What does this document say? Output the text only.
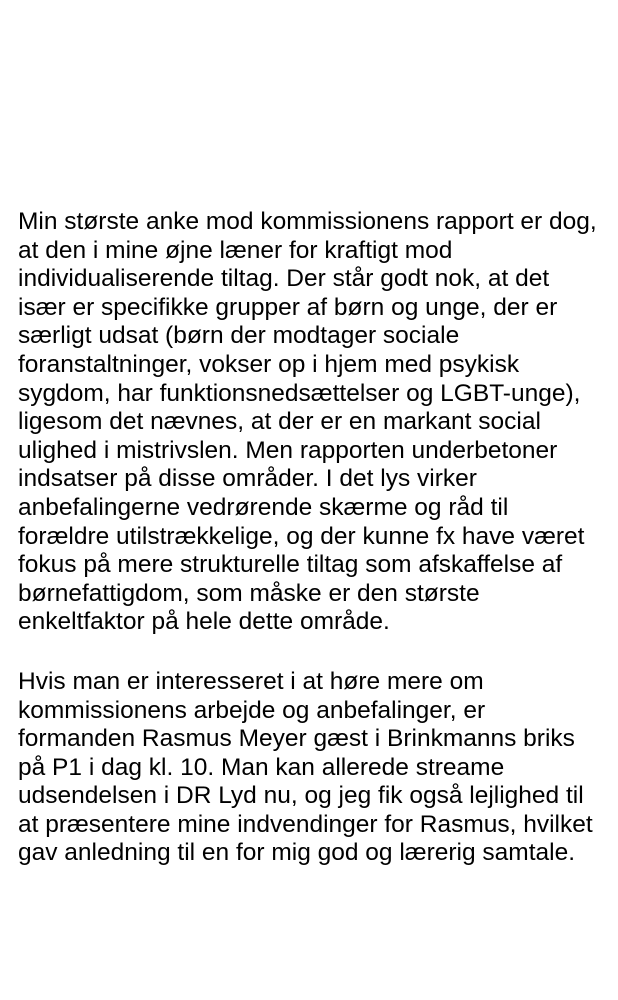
Min største anke mod kommissionens rapport er dog,
at den i mine øjne læner for kraftigt mod
individualiserende tiltag. Der står godt nok, at det
især er specifikke grupper af børn og unge, der er
særligt udsat (børn der modtager sociale
foranstaltninger, vokser op i hjem med psykisk
sygdom, har funktionsnedsættelser og LGBT-unge),
ligesom det nævnes, at der er en markant social
ulighed i mistrivslen. Men rapporten underbetoner
indsatser på disse områder. I det lys virker
anbefalingerne vedrørende skærme og råd til
forældre utilstrækkelige, og der kunne fx have været
fokus på mere strukturelle tiltag som afskaffelse af
børnefattigdom, som måske er den største
enkeltfaktor på hele dette område.

Hvis man er interesseret i at høre mere om
kommissionens arbejde og anbefalinger, er
formanden Rasmus Meyer gæst i Brinkmanns briks
på P1 i dag kl. 10. Man kan allerede streame
udsendelsen i DR Lyd nu, og jeg fik også lejlighed til
at præsentere mine indvendinger for Rasmus, hvilket
gav anledning til en for mig god og lærerig samtale.
